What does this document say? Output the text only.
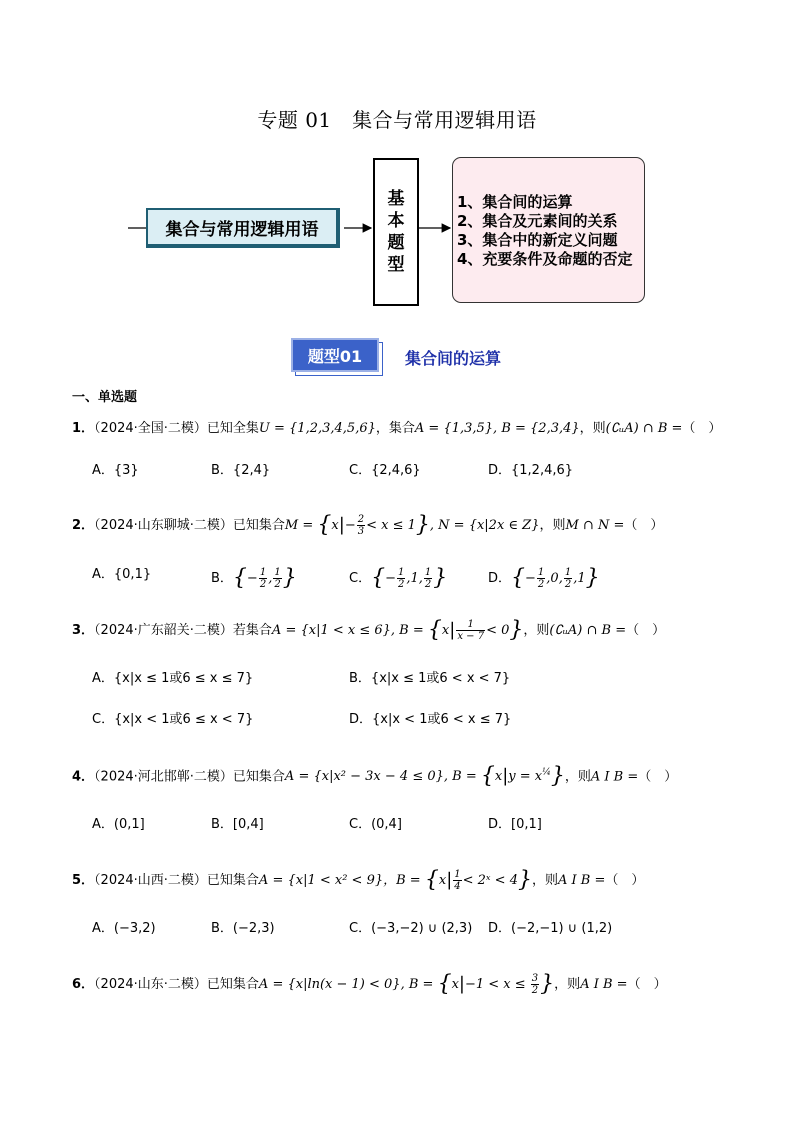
专题 01　集合与常用逻辑用语
集合与常用逻辑用语
基
本
题
型
1、集合间的运算
2、集合及元素间的关系
3、集合中的新定义问题
4、充要条件及命题的否定
题型01	集合间的运算
一、单选题
1．（2024·全国·二模）已知全集U = {1,2,3,4,5,6}，集合A = {1,3,5}, B = {2,3,4}，则(∁ᵤA) ∩ B =（　）
A．{3}	B．{2,4}	C．{2,4,6}	D．{1,2,4,6}
2．（2024·山东聊城·二模）已知集合$M = \{x|- \frac{2}{3} < x \le 1\}$, N = {x|2x ∈ Z}，则M ∩ N =（　）
A．{0,1}	B．{− $\frac{1}{2}$ , $\frac{1}{2}$ }	C．{− $\frac{1}{2} ,1$, $\frac{1}{2}$ }	D．{− $\frac{1}{2} ,0$, $\frac{1}{2} ,1$}
3．（2024·广东韶关·二模）若集合A = {x|1 < x ≤ 6}, $B = \{x| \frac{1}{x - 7} < 0\}$，则(∁ᵤA) ∩ B =（　）
A．{x|x ≤ 1或6 ≤ x ≤ 7}	B．{x|x ≤ 1或6 < x < 7}
C．{x|x < 1或6 ≤ x < 7}	D．{x|x < 1或6 < x ≤ 7}
4．（2024·河北邯郸·二模）已知集合A = {x|x² − 3x − 4 ≤ 0}, $B = \{x|y = x^{\frac{1}{4}}\}$，则A I B =（　）
A．(0,1]	B．[0,4]	C．(0,4]	D．[0,1]
5．（2024·山西·二模）已知集合A = {x|1 < x² < 9}，$B = \{x| \frac{1}{4}$ < 2ˣ < 4}，则A I B =（　）
A．(−3,2)	B．(−2,3)	C．(−3,−2) ∪ (2,3) D．(−2,−1) ∪ (1,2)
6．（2024·山东·二模）已知集合A = {x|ln(x − 1) < 0}, $B = \{x|-1 < x \le \frac{3}{2}$ }，则A I B =（　）
